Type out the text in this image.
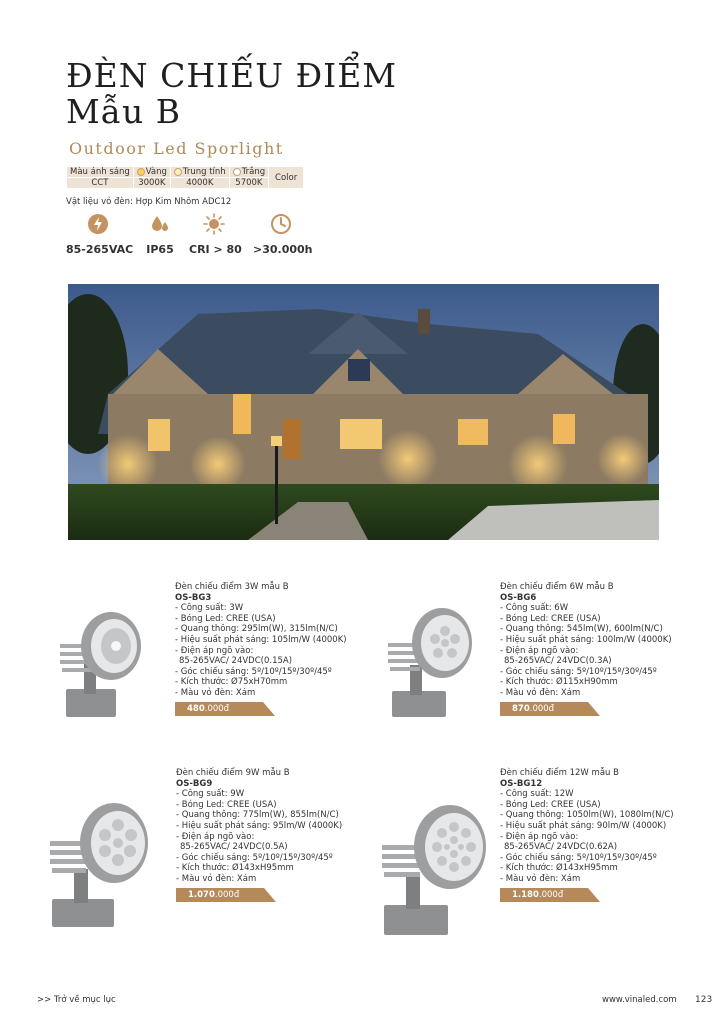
ĐÈN CHIẾU ĐIỂM
Mẫu B
Outdoor Led Sporlight
Màu ánh sáng	Vàng	Trung tính	Trắng	Color
CCT	3000K	4000K	5700K	
Vật liệu vỏ đèn: Hợp Kim Nhôm ADC12
85-265VAC IP65 CRI > 80 >30.000h
Đèn chiếu điểm 3W mẫu B
OS-BG3
- Công suất: 3W
- Bóng Led: CREE (USA)
- Quang thông: 295lm(W), 315lm(N/C)
- Hiệu suất phát sáng: 105lm/W (4000K)
- Điện áp ngõ vào:
85-265VAC/ 24VDC(0.15A)
- Góc chiếu sáng: 5º/10º/15º/30º/45º
- Kích thước: Ø75xH70mm
- Màu vỏ đèn: Xám
480.000đ
Đèn chiếu điểm 6W mẫu B
OS-BG6
- Công suất: 6W
- Bóng Led: CREE (USA)
- Quang thông: 545lm(W), 600lm(N/C)
- Hiệu suất phát sáng: 100lm/W (4000K)
- Điện áp ngõ vào:
85-265VAC/ 24VDC(0.3A)
- Góc chiếu sáng: 5º/10º/15º/30º/45º
- Kích thước: Ø115xH90mm
- Màu vỏ đèn: Xám
870.000đ
Đèn chiếu điểm 9W mẫu B
OS-BG9
- Công suất: 9W
- Bóng Led: CREE (USA)
- Quang thông: 775lm(W), 855lm(N/C)
- Hiệu suất phát sáng: 95lm/W (4000K)
- Điện áp ngõ vào:
85-265VAC/ 24VDC(0.5A)
- Góc chiếu sáng: 5º/10º/15º/30º/45º
- Kích thước: Ø143xH95mm
- Màu vỏ đèn: Xám
1.070.000đ
Đèn chiếu điểm 12W mẫu B
OS-BG12
- Công suất: 12W
- Bóng Led: CREE (USA)
- Quang thông: 1050lm(W), 1080lm(N/C)
- Hiệu suất phát sáng: 90lm/W (4000K)
- Điện áp ngõ vào:
85-265VAC/ 24VDC(0.62A)
- Góc chiếu sáng: 5º/10º/15º/30º/45º
- Kích thước: Ø143xH95mm
- Màu vỏ đèn: Xám
1.180.000đ
>> Trở về mục lục	www.vinaled.com 123
